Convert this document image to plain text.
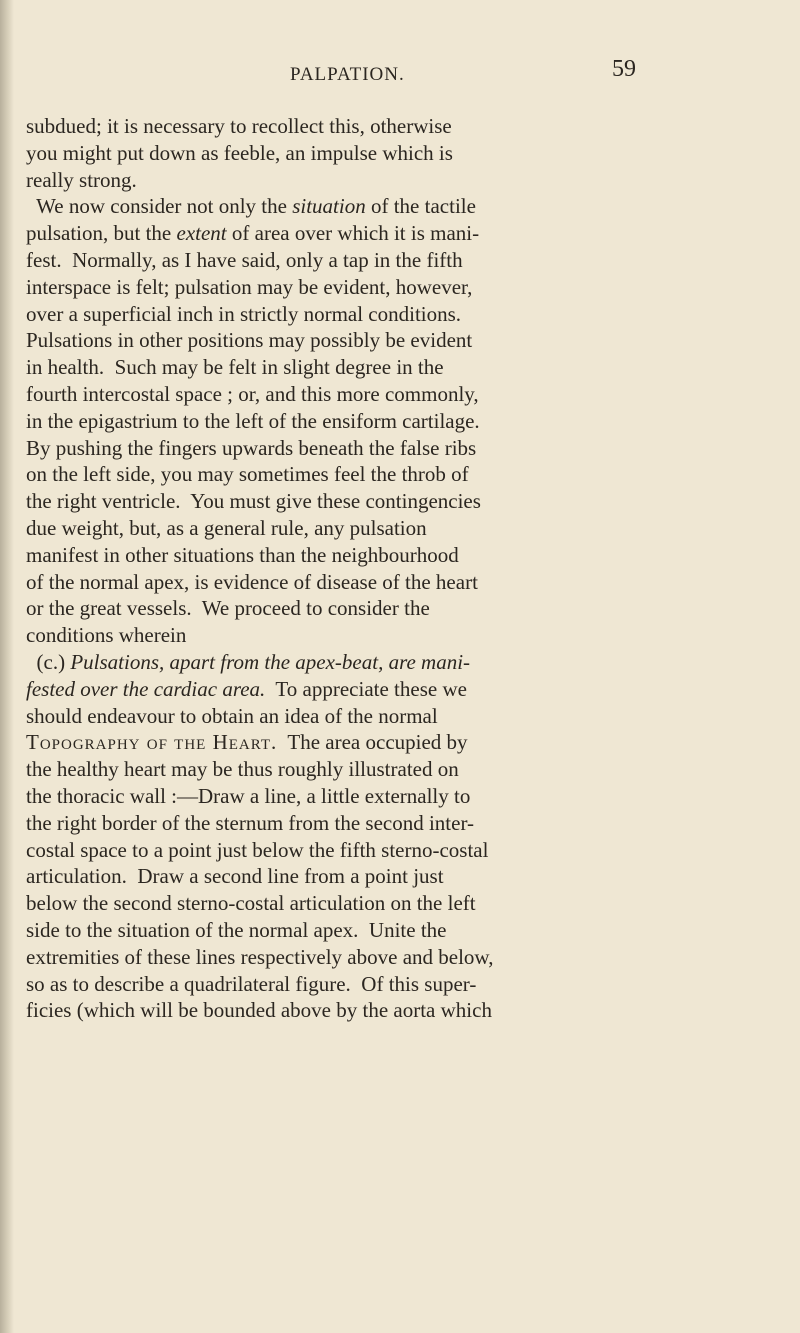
PALPATION.	59
subdued; it is necessary to recollect this, otherwise
you might put down as feeble, an impulse which is
really strong.
We now consider not only the situation of the tactile
pulsation, but the extent of area over which it is mani-
fest.  Normally, as I have said, only a tap in the fifth
interspace is felt; pulsation may be evident, however,
over a superficial inch in strictly normal conditions.
Pulsations in other positions may possibly be evident
in health.  Such may be felt in slight degree in the
fourth intercostal space ; or, and this more commonly,
in the epigastrium to the left of the ensiform cartilage.
By pushing the fingers upwards beneath the false ribs
on the left side, you may sometimes feel the throb of
the right ventricle.  You must give these contingencies
due weight, but, as a general rule, any pulsation
manifest in other situations than the neighbourhood
of the normal apex, is evidence of disease of the heart
or the great vessels.  We proceed to consider the
conditions wherein
(c.) Pulsations, apart from the apex-beat, are mani-
fested over the cardiac area.  To appreciate these we
should endeavour to obtain an idea of the normal
Topography of the Heart.  The area occupied by
the healthy heart may be thus roughly illustrated on
the thoracic wall :—Draw a line, a little externally to
the right border of the sternum from the second inter-
costal space to a point just below the fifth sterno-costal
articulation.  Draw a second line from a point just
below the second sterno-costal articulation on the left
side to the situation of the normal apex.  Unite the
extremities of these lines respectively above and below,
so as to describe a quadrilateral figure.  Of this super-
ficies (which will be bounded above by the aorta which
